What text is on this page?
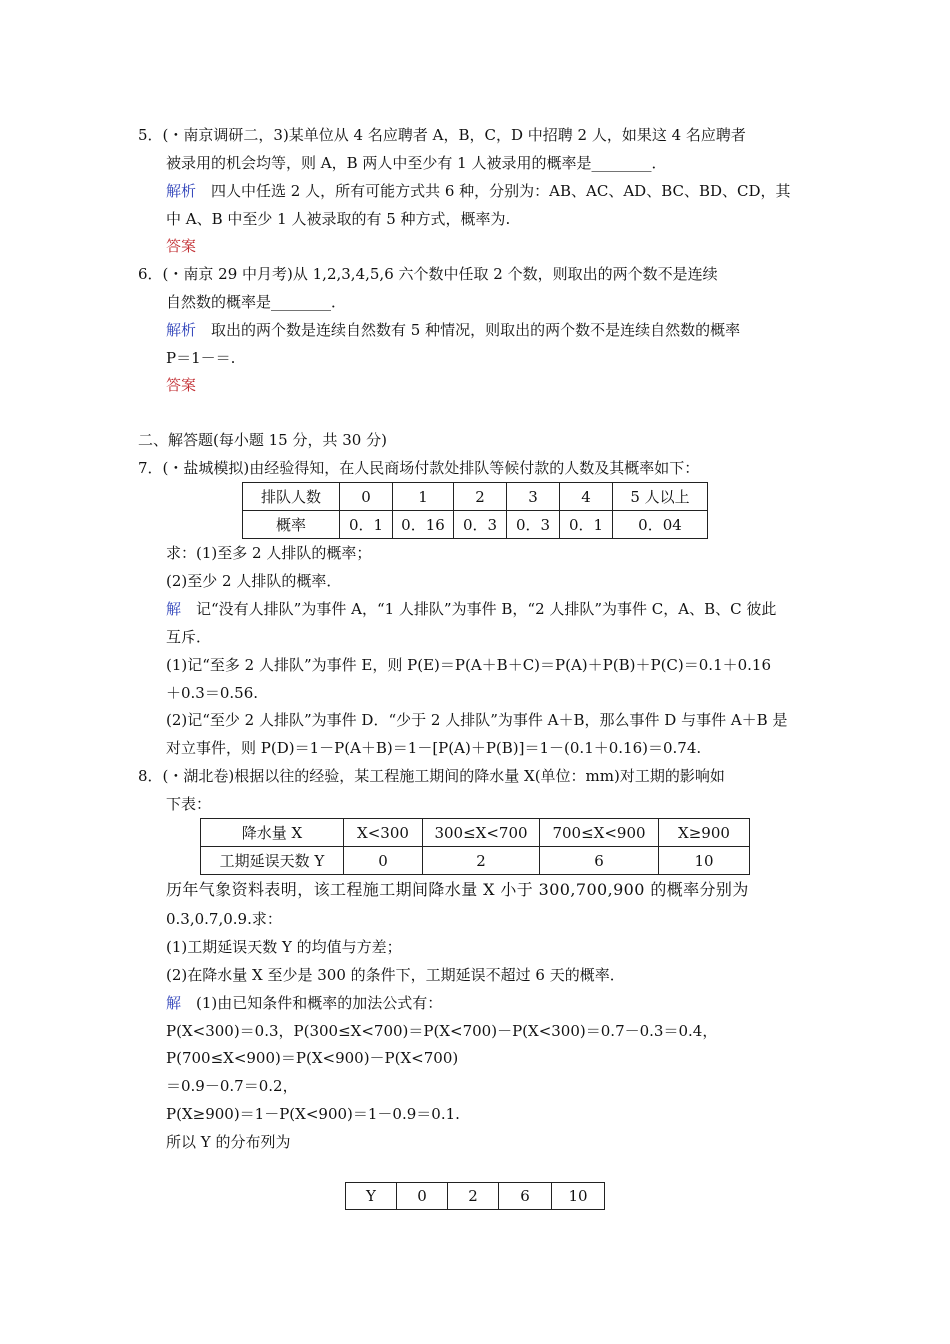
5．(・南京调研二，3)某单位从 4 名应聘者 A，B，C，D 中招聘 2 人，如果这 4 名应聘者
被录用的机会均等，则 A，B 两人中至少有 1 人被录用的概率是________．
解析　四人中任选 2 人，所有可能方式共 6 种，分别为：AB、AC、AD、BC、BD、CD，其
中 A、B 中至少 1 人被录取的有 5 种方式，概率为.
答案
6．(・南京 29 中月考)从 1,2,3,4,5,6 六个数中任取 2 个数，则取出的两个数不是连续
自然数的概率是________．
解析　取出的两个数是连续自然数有 5 种情况，则取出的两个数不是连续自然数的概率
P＝1－＝.
答案
二、解答题(每小题 15 分，共 30 分)
7．(・盐城模拟)由经验得知，在人民商场付款处排队等候付款的人数及其概率如下：
排队人数	0	1	2	3	4	5 人以上
概率	0．1	0．16	0．3	0．3	0．1	0．04
求：(1)至多 2 人排队的概率；
(2)至少 2 人排队的概率．
解　记“没有人排队”为事件 A，“1 人排队”为事件 B，“2 人排队”为事件 C，A、B、C 彼此
互斥．
(1)记“至多 2 人排队”为事件 E，则 P(E)＝P(A＋B＋C)＝P(A)＋P(B)＋P(C)＝0.1＋0.16
＋0.3＝0.56.
(2)记“至少 2 人排队”为事件 D．“少于 2 人排队”为事件 A＋B，那么事件 D 与事件 A＋B 是
对立事件，则 P(D)＝1－P(A＋B)＝1－[P(A)＋P(B)]＝1－(0.1＋0.16)＝0.74.
8．(・湖北卷)根据以往的经验，某工程施工期间的降水量 X(单位：mm)对工期的影响如
下表：
降水量 X	X<300	300≤X<700	700≤X<900	X≥900
工期延误天数 Y	0	2	6	10
历年气象资料表明，该工程施工期间降水量 X 小于 300,700,900 的概率分别为
0.3,0.7,0.9.求：
(1)工期延误天数 Y 的均值与方差；
(2)在降水量 X 至少是 300 的条件下，工期延误不超过 6 天的概率．
解　(1)由已知条件和概率的加法公式有：
P(X<300)＝0.3，P(300≤X<700)＝P(X<700)－P(X<300)＝0.7－0.3＝0.4，
P(700≤X<900)＝P(X<900)－P(X<700)
＝0.9－0.7＝0.2，
P(X≥900)＝1－P(X<900)＝1－0.9＝0.1.
所以 Y 的分布列为
Y	0	2	6	10
